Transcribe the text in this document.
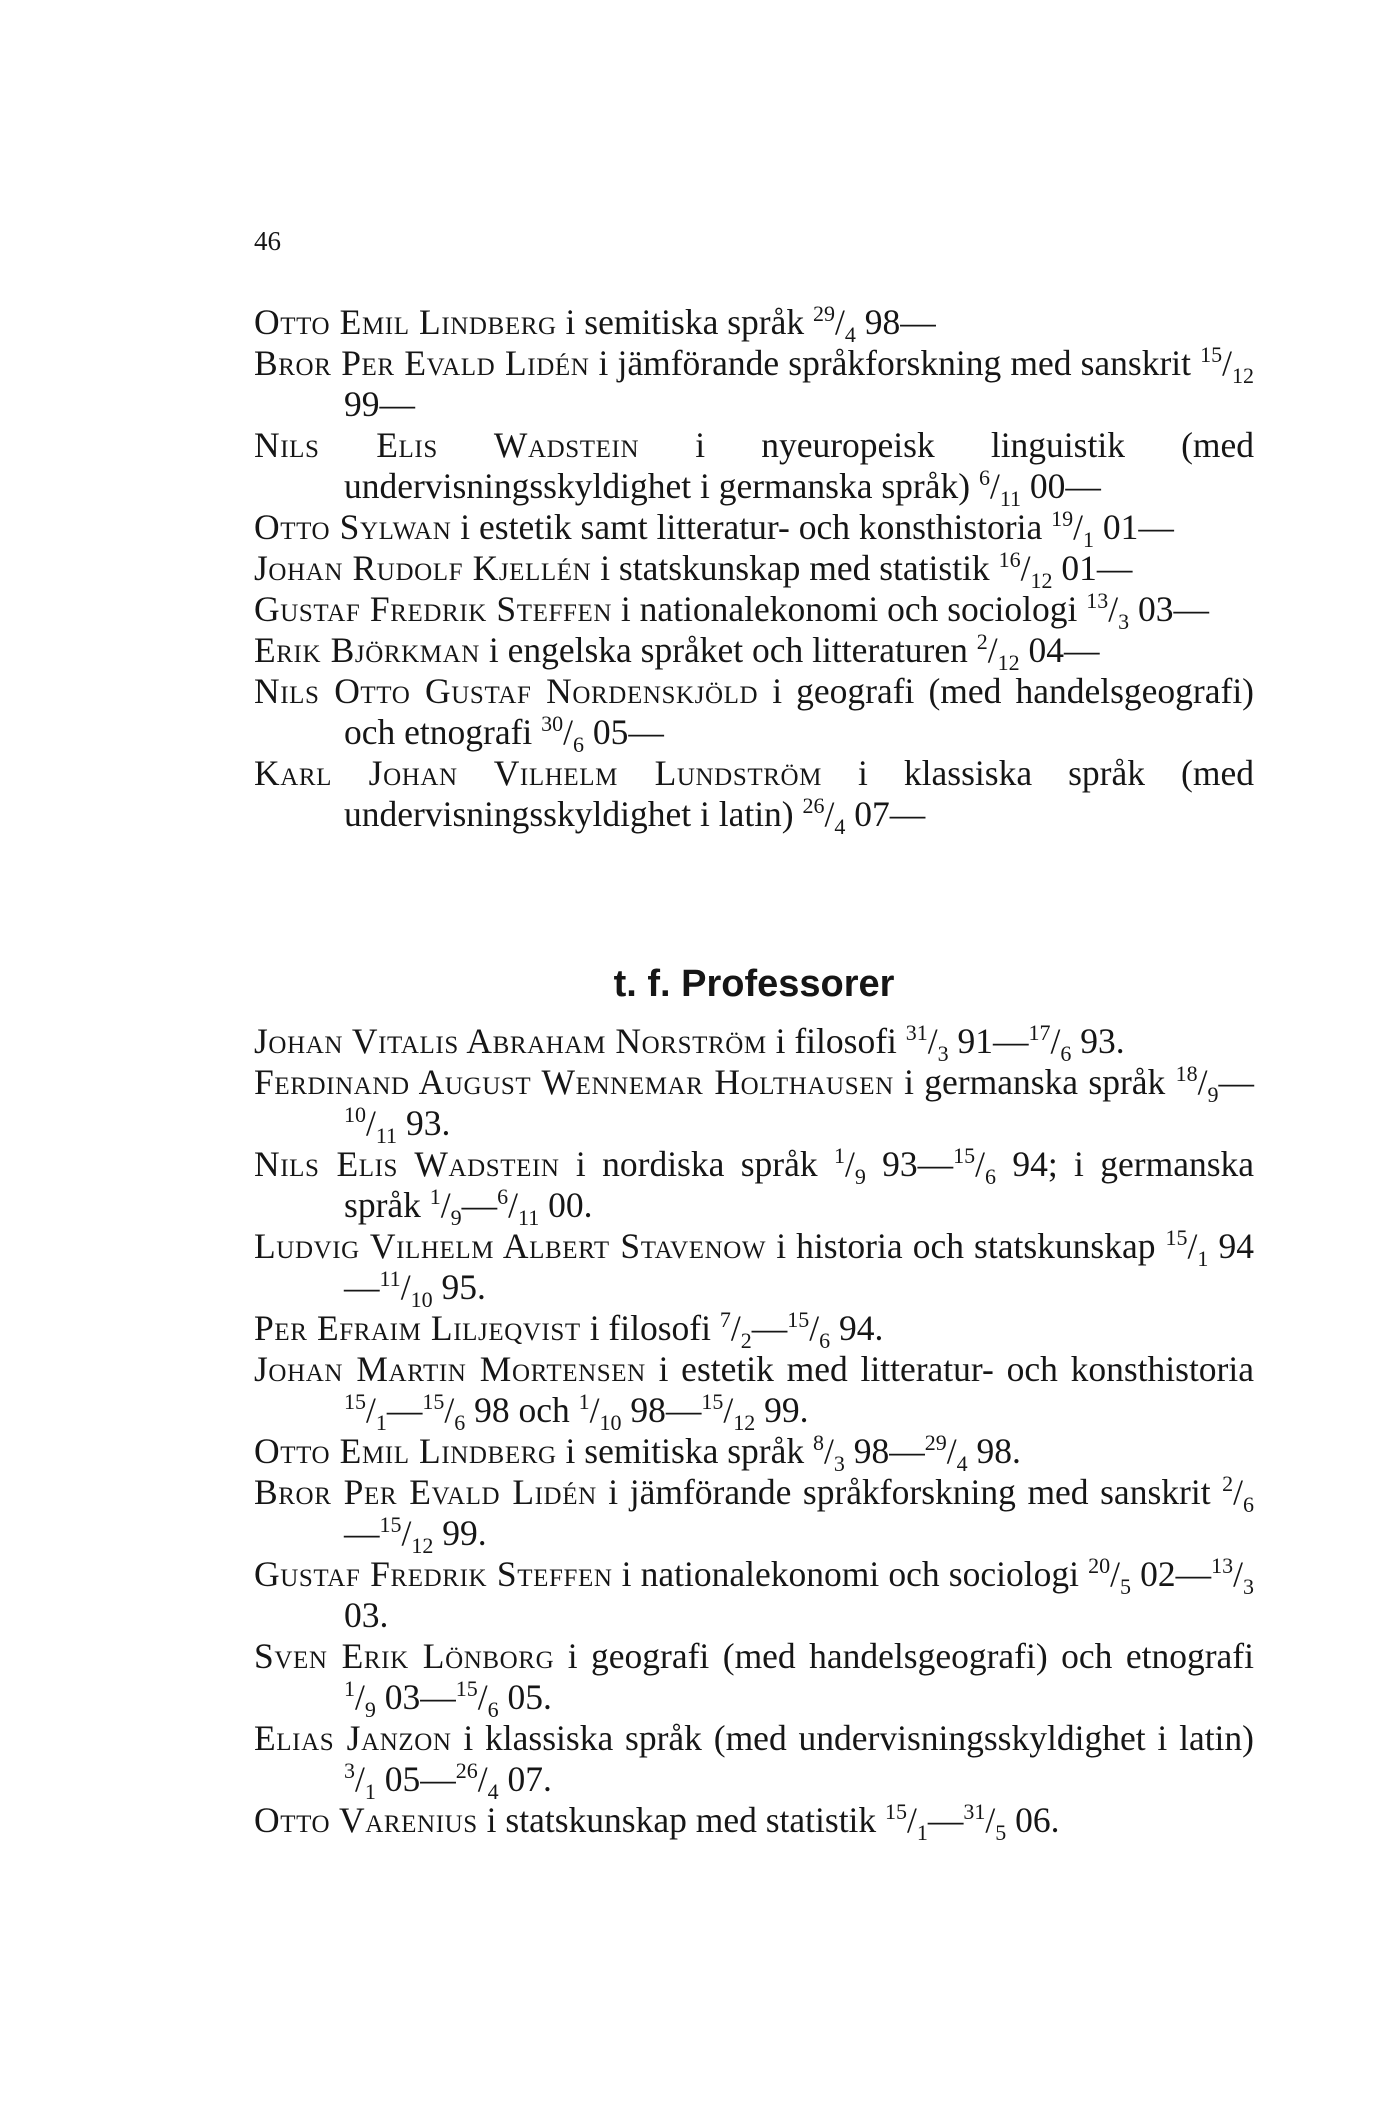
46

Otto Emil Lindberg i semitiska språk $^{29}/_4$ 98—

Bror Per Evald Lidén i jämförande språkforskning med sanskrit $^{15}/_{12}$ 99—

Nils Elis Wadstein i nyeuropeisk linguistik (med undervisningsskyldighet i germanska språk) $^6/_{11}$ 00—

Otto Sylwan i estetik samt litteratur- och konsthistoria $^{19}/_1$ 01—

Johan Rudolf Kjellén i statskunskap med statistik $^{16}/_{12}$ 01—

Gustaf Fredrik Steffen i nationalekonomi och sociologi $^{13}/_3$ 03—

Erik Björkman i engelska språket och litteraturen $^2/_{12}$ 04—

Nils Otto Gustaf Nordenskjöld i geografi (med handelsgeografi) och etnografi $^{30}/_6$ 05—

Karl Johan Vilhelm Lundström i klassiska språk (med undervisningsskyldighet i latin) $^{26}/_4$ 07—

t. f. Professorer

Johan Vitalis Abraham Norström i filosofi $^{31}/_3$ $91—^{17}/_6$ 93.

Ferdinand August Wennemar Holthausen i germanska språk $^{18}/_9—^{10}/_{11}$ 93.

Nils Elis Wadstein i nordiska språk $^1/_9$ $93—^{15}/_6$ 94; i germanska språk $^1/_9—^6/_{11}$ 00.

Ludvig Vilhelm Albert Stavenow i historia och statskunskap $^{15}/_1$ $94—^{11}/_{10}$ 95.

Per Efraim Liljeqvist i filosofi $^7/_2—^{15}/_6$ 94.

Johan Martin Mortensen i estetik med litteratur- och konsthistoria $^{15}/_1—^{15}/_6$ 98 och $^1/_{10}$ $98—^{15}/_{12}$ 99.

Otto Emil Lindberg i semitiska språk $^8/_3$ $98—^{29}/_4$ 98.

Bror Per Evald Lidén i jämförande språkforskning med sanskrit $^2/_6—^{15}/_{12}$ 99.

Gustaf Fredrik Steffen i nationalekonomi och sociologi $^{20}/_5$ $02—^{13}/_3$ 03.

Sven Erik Lönborg i geografi (med handelsgeografi) och etnografi $^1/_9$ $03—^{15}/_6$ 05.

Elias Janzon i klassiska språk (med undervisningsskyldighet i latin) $^3/_1$ $05—^{26}/_4$ 07.

Otto Varenius i statskunskap med statistik $^{15}/_1—^{31}/_5$ 06.
